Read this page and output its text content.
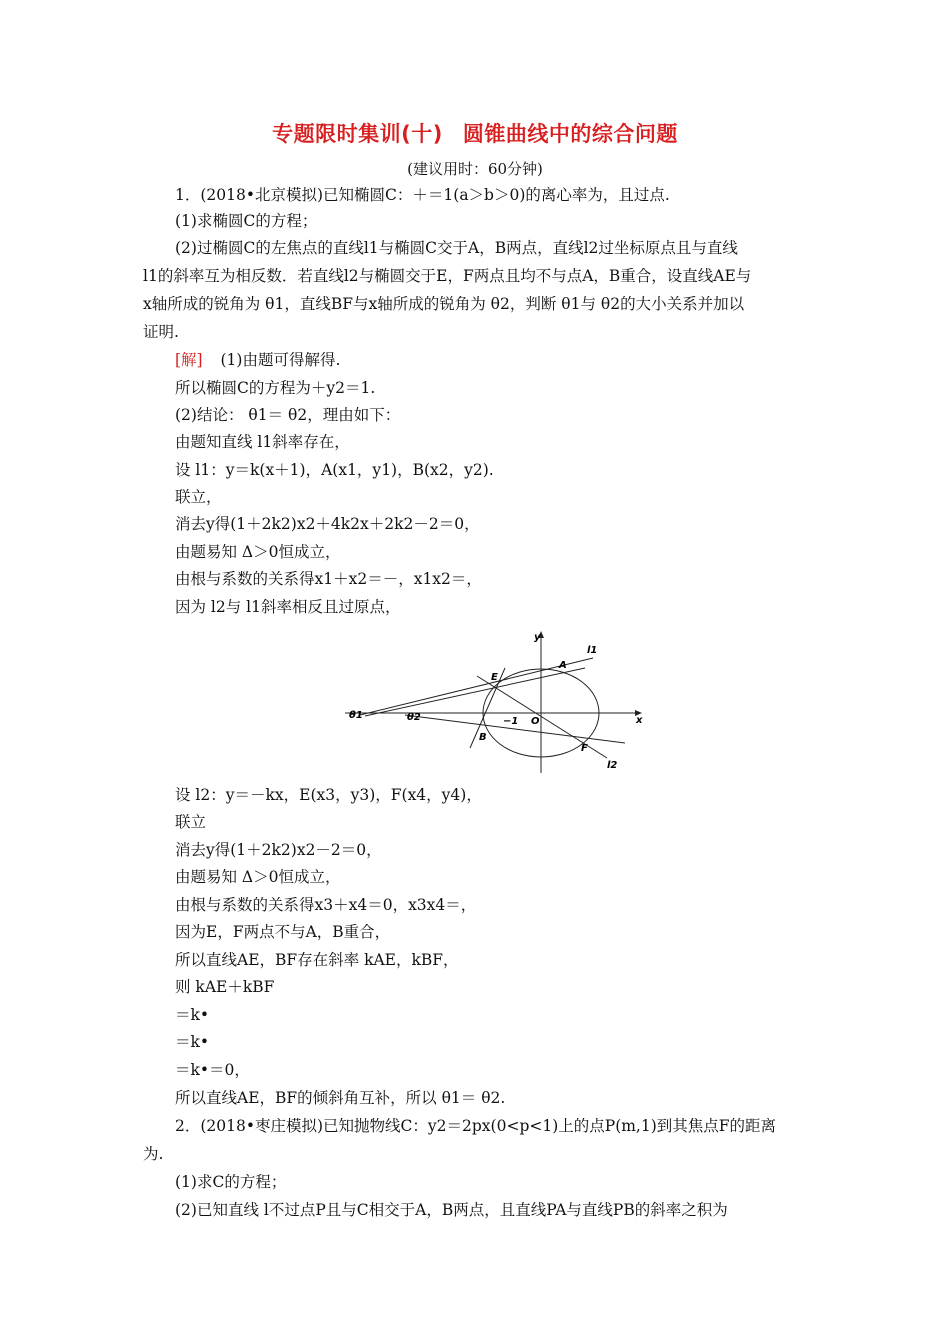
专题限时集训(十) 圆锥曲线中的综合问题
(建议用时：60分钟)
1．(2018•北京模拟)已知椭圆C：＋＝1(a＞b＞0)的离心率为，且过点.
(1)求椭圆C的方程；
(2)过椭圆C的左焦点的直线l1与椭圆C交于A，B两点，直线l2过坐标原点且与直线
l1的斜率互为相反数．若直线l2与椭圆交于E，F两点且均不与点A，B重合，设直线AE与
x轴所成的锐角为 θ1，直线BF与x轴所成的锐角为 θ2，判断 θ1与 θ2的大小关系并加以
证明.
[解] (1)由题可得解得.
所以椭圆C的方程为＋y2＝1.
(2)结论： θ1＝ θ2，理由如下：
由题知直线 l1斜率存在，
设 l1：y＝k(x＋1)，A(x1，y1)，B(x2，y2).
联立，
消去y得(1＋2k2)x2＋4k2x＋2k2－2＝0，
由题易知 Δ＞0恒成立，
由根与系数的关系得x1＋x2＝－，x1x2＝，
因为 l2与 l1斜率相反且过原点，
y
l1
A
E
θ1	θ2	−1 O	x
B
F
l2
设 l2：y＝－kx，E(x3，y3)，F(x4，y4)，
联立
消去y得(1＋2k2)x2－2＝0，
由题易知 Δ＞0恒成立，
由根与系数的关系得x3＋x4＝0，x3x4＝，
因为E，F两点不与A，B重合，
所以直线AE，BF存在斜率 kAE，kBF，
则 kAE＋kBF
＝k•
＝k•
＝k•＝0，
所以直线AE，BF的倾斜角互补，所以 θ1＝ θ2.
2．(2018•枣庄模拟)已知抛物线C：y2＝2px(0<p<1)上的点P(m,1)到其焦点F的距离
为.
(1)求C的方程；
(2)已知直线 l不过点P且与C相交于A，B两点，且直线PA与直线PB的斜率之积为
